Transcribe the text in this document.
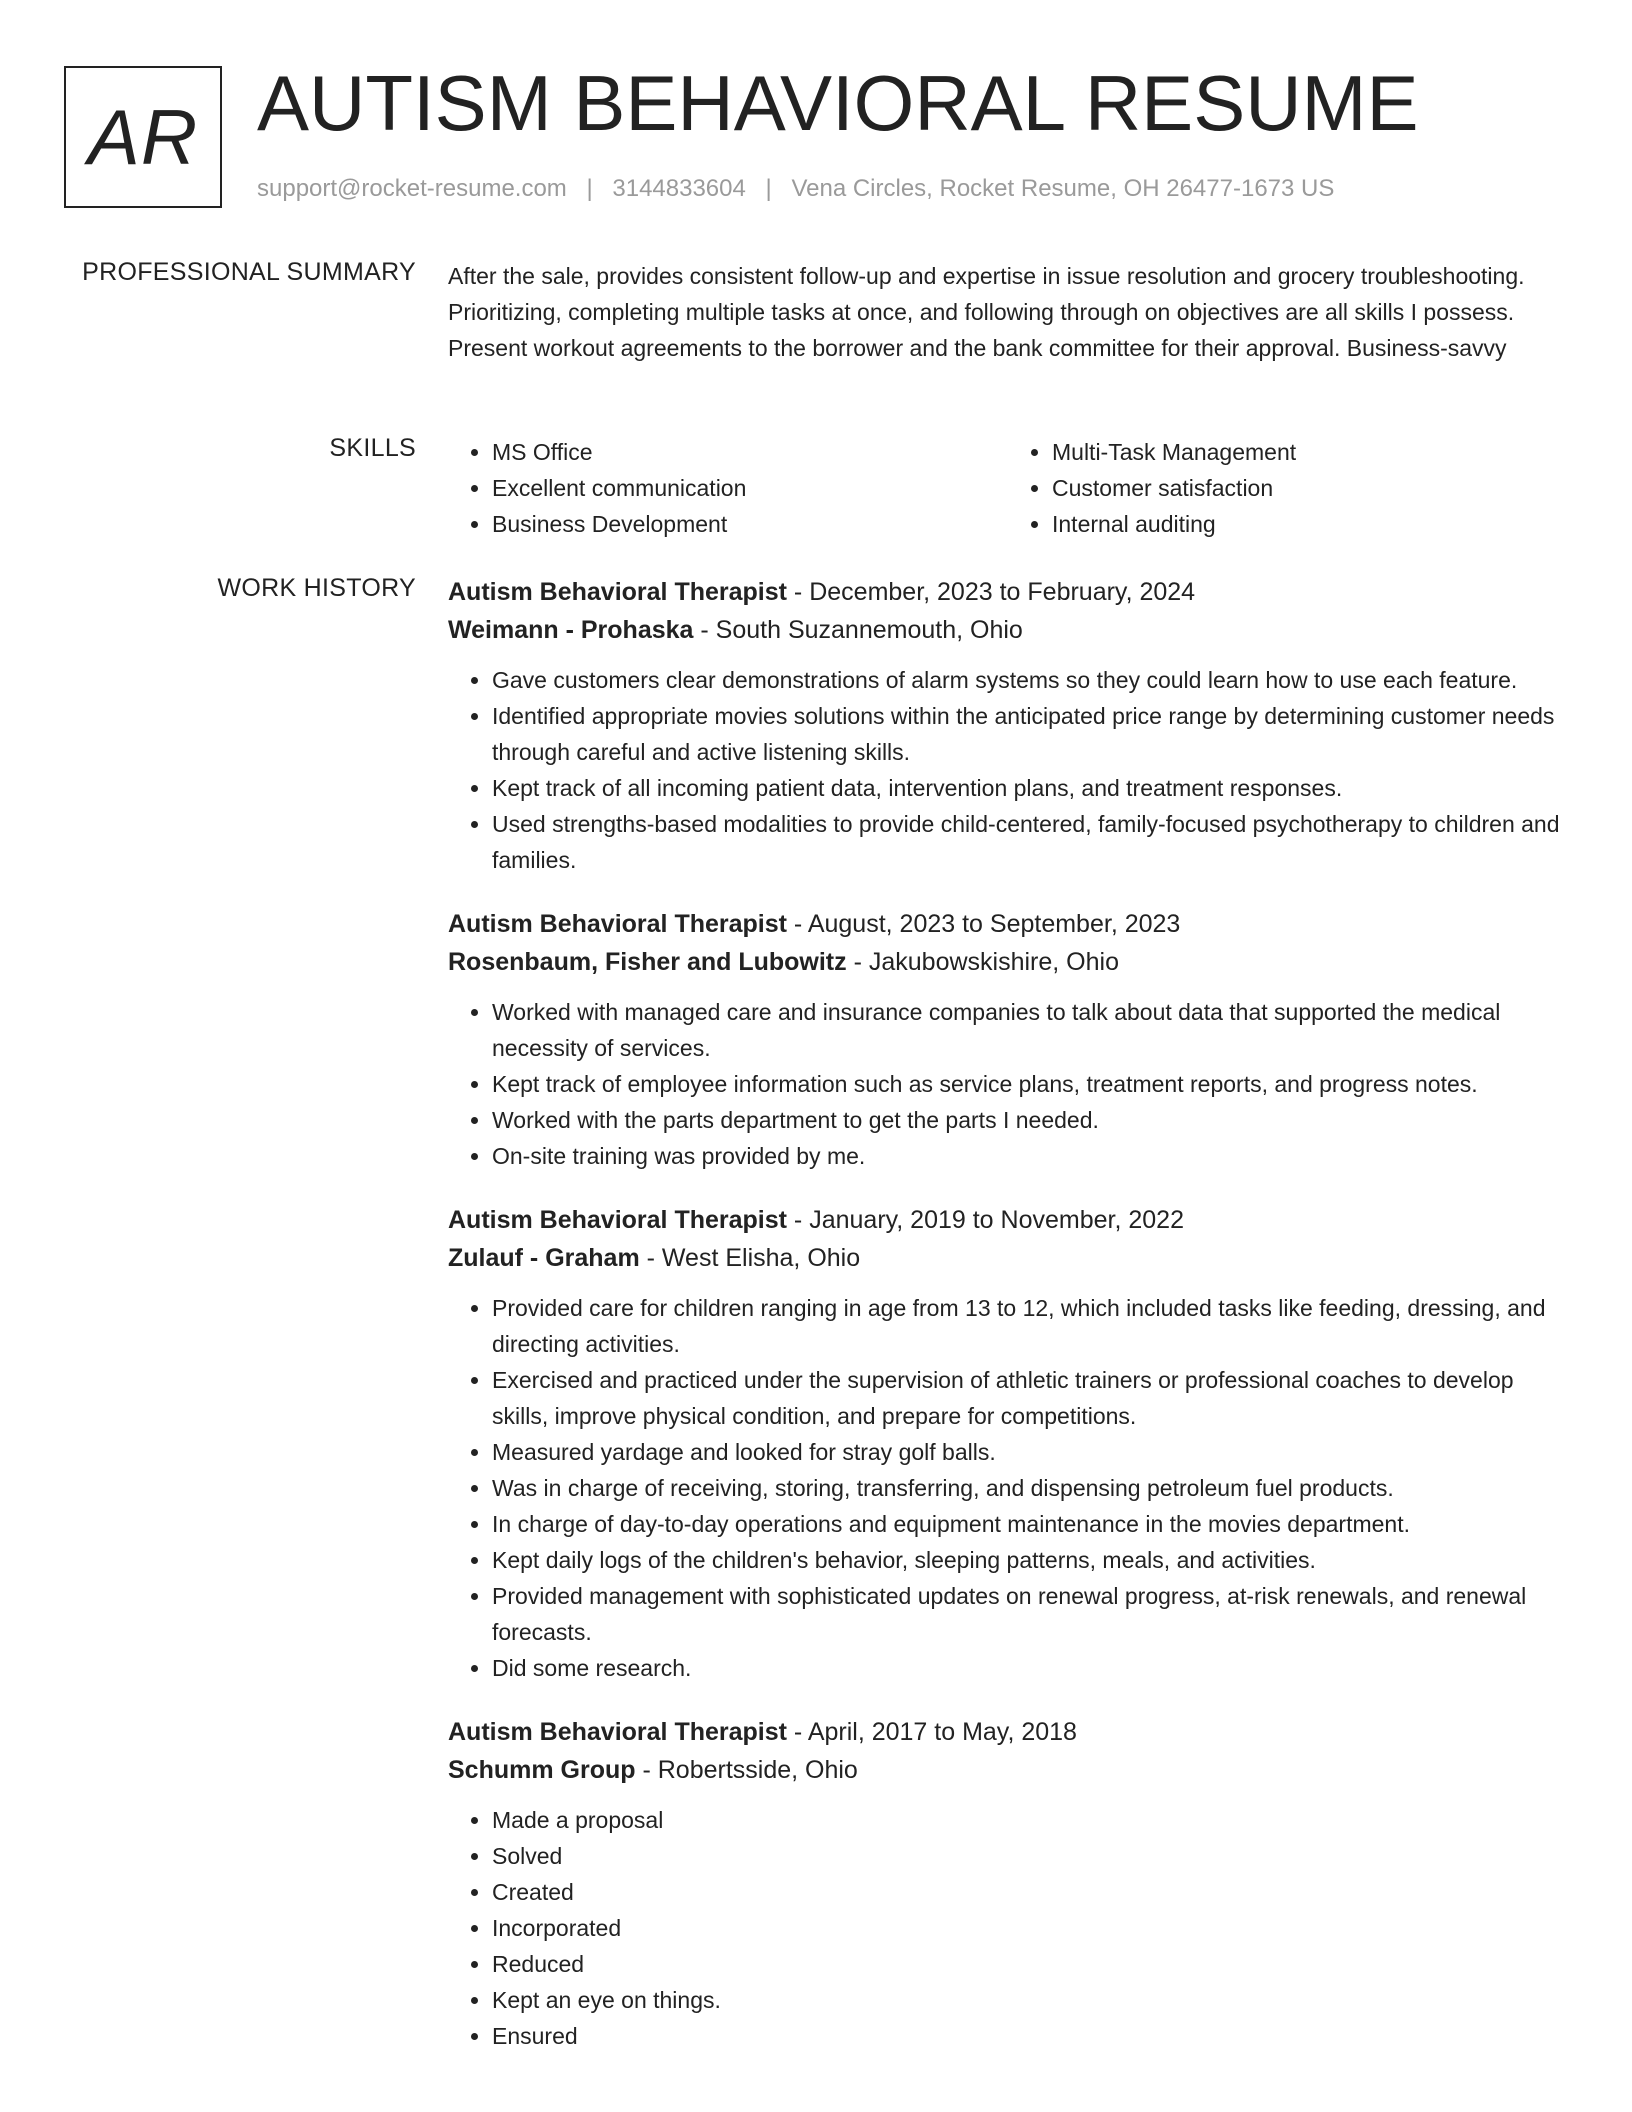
AR AUTISM BEHAVIORAL RESUME
support@rocket-resume.com | 3144833604 | Vena Circles, Rocket Resume, OH 26477-1673 US
PROFESSIONAL SUMMARY After the sale, provides consistent follow-up and expertise in issue resolution and grocery troubleshooting. Prioritizing, completing multiple tasks at once, and following through on objectives are all skills I possess. Present workout agreements to the borrower and the bank committee for their approval. Business-savvy

SKILLS
•	MS Office
• Excellent communication
• Business Development
• Multi-Task Management
• Customer satisfaction
• Internal auditing
WORK HISTORY Autism Behavioral Therapist - December, 2023 to February, 2024
Weimann - Prohaska - South Suzannemouth, Ohio
• Gave customers clear demonstrations of alarm systems so they could learn how to use each feature.
• Identified appropriate movies solutions within the anticipated price range by determining customer needs through careful and active listening skills.
• Kept track of all incoming patient data, intervention plans, and treatment responses.
• Used strengths-based modalities to provide child-centered, family-focused psychotherapy to children and families.
Autism Behavioral Therapist - August, 2023 to September, 2023
Rosenbaum, Fisher and Lubowitz - Jakubowskishire, Ohio
• Worked with managed care and insurance companies to talk about data that supported the medical necessity of services.
• Kept track of employee information such as service plans, treatment reports, and progress notes.
• Worked with the parts department to get the parts I needed.
• On-site training was provided by me.
Autism Behavioral Therapist - January, 2019 to November, 2022
Zulauf - Graham - West Elisha, Ohio
• Provided care for children ranging in age from 13 to 12, which included tasks like feeding, dressing, and directing activities.
• Exercised and practiced under the supervision of athletic trainers or professional coaches to develop skills, improve physical condition, and prepare for competitions.
• Measured yardage and looked for stray golf balls.
• Was in charge of receiving, storing, transferring, and dispensing petroleum fuel products.
• In charge of day-to-day operations and equipment maintenance in the movies department.
• Kept daily logs of the children's behavior, sleeping patterns, meals, and activities.
• Provided management with sophisticated updates on renewal progress, at-risk renewals, and renewal forecasts.
• Did some research.
Autism Behavioral Therapist - April, 2017 to May, 2018
Schumm Group - Robertsside, Ohio
• Made a proposal
• Solved
• Created
• Incorporated
• Reduced
• Kept an eye on things.
• Ensured
